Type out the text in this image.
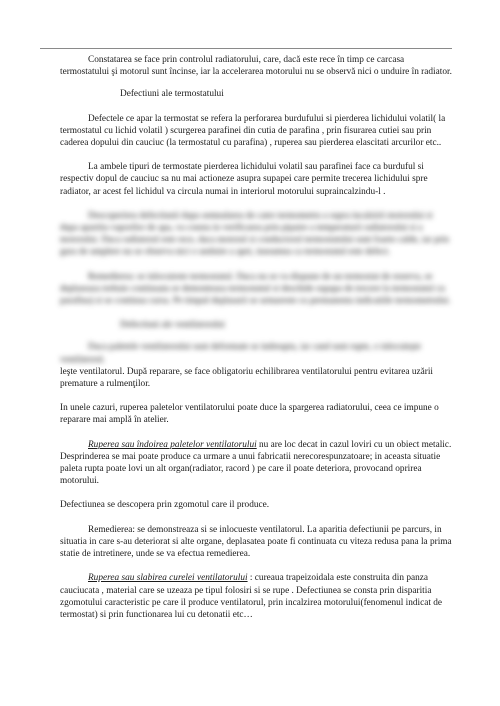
Constatarea se face prin controlul radiatorului, care, dacă este rece în timp ce carcasa termostatului şi motorul sunt încinse, iar la accelerarea motorului nu se observă nici o unduire în radiator.

Defectiuni ale termostatului

Defectele ce apar la termostat se refera la perforarea burdufului si pierderea lichidului volatil( la termostatul cu lichid volatil ) scurgerea parafinei din cutia de parafina , prin fisurarea cutiei sau prin caderea dopului din cauciuc (la termostatul cu parafina) , ruperea sau pierderea elascitati arcurilor etc..

La ambele tipuri de termostate pierderea lichidului volatil sau parafinei face ca burduful si respectiv dopul de cauciuc sa nu mai actioneze asupra supapei care permite trecerea lichidului spre radiator, ar acest fel lichidul va circula numai in interiorul motorului supraincalzindu-l .

Descoperirea defectiunii dupa semnalarea de catre termometru a supra incalzirii motorului si dupa aparitia vaporilor de apa, va consta in verificarea prin pipaire a temperaturii radiatorului si a motorului. Daca radiatorul este rece, daca motorul si conductorul termostatului sunt foarte calde, iar prin gura de umplere nu se observa nici o unduire a apei, inseamna ca termostatul este defect.

Remedierea: se inlocuieste termostatul. Daca nu se va dispune de un termostat de rezerva, se deplaseaza trebuie continuata se demonteaza termostatul si deschide supapa de trecere la termostatul cu parafina) si se continua cursa. Pe timpul deplasarii se urmareste cu permanenta indicatiile termometrului.

Defectiuni ale ventilatorului

Daca paletele ventilatorului sunt deformate se indreapta, iar cand sunt rupte, o inlocuieşte ventilatorul.

leşte ventilatorul. După reparare, se face obligatoriu echilibrarea ventilatorului pentru evitarea uzării premature a rulmenţilor.

In unele cazuri, ruperea paletelor ventilatorului poate duce la spargerea radiatorului, ceea ce impune o reparare mai amplă în atelier.

Ruperea sau îndoirea paletelor ventilatorului nu are loc decat in cazul loviri cu un obiect metalic. Desprinderea se mai poate produce ca urmare a unui fabricatii nerecorespunzatoare; in aceasta situatie paleta rupta poate lovi un alt organ(radiator, racord ) pe care il poate deteriora, provocand oprirea motorului.

Defectiunea se descopera prin zgomotul care il produce.

Remedierea: se demonstreaza si se inlocueste ventilatorul. La aparitia defectiunii pe parcurs, in situatia in care s-au deteriorat si alte organe, deplasatea poate fi continuata cu viteza redusa pana la prima statie de intretinere, unde se va efectua remedierea.

Ruperea sau slabirea curelei ventilatorului : cureaua trapeizoidala este construita din panza cauciucata , material care se uzeaza pe tipul folosiri si se rupe . Defectiunea se consta prin disparitia zgomotului caracteristic pe care il produce ventilatorul, prin incalzirea motorului(fenomenul indicat de termostat) si prin functionarea lui cu detonatii etc…
